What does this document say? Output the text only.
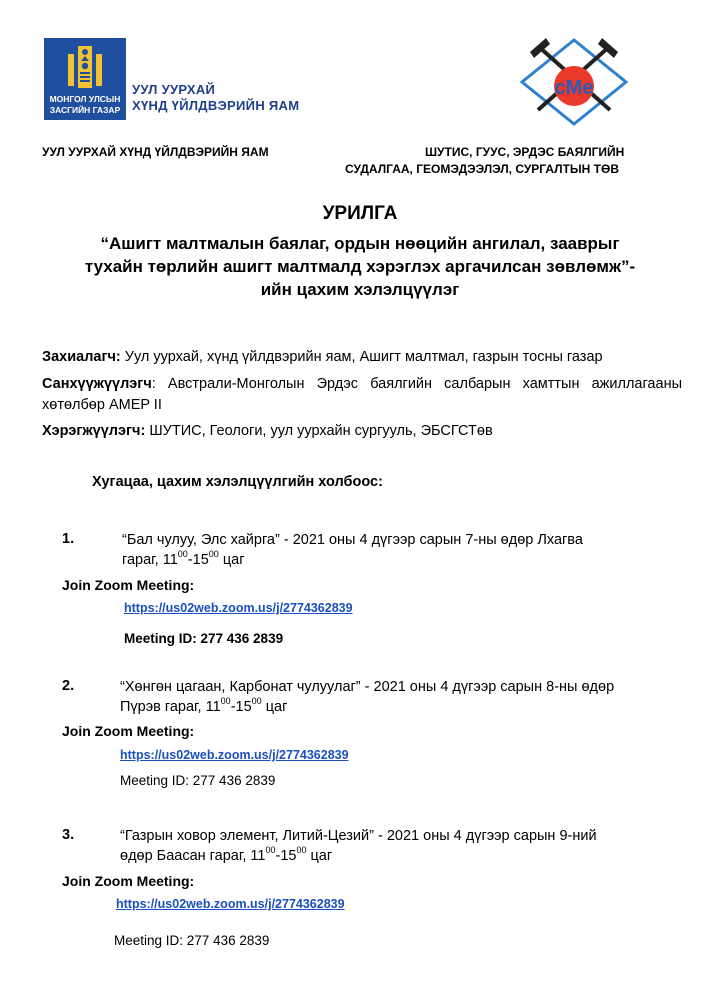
МОНГОЛ УЛСЫН
ЗАСГИЙН ГАЗАР
УУЛ УУРХАЙ
ХҮНД ҮЙЛДВЭРИЙН ЯАМ
cMe
УУЛ УУРХАЙ ХҮНД ҮЙЛДВЭРИЙН ЯАМ	ШУТИС, ГУУС, ЭРДЭС БАЯЛГИЙН
СУДАЛГАА, ГЕОМЭДЭЭЛЭЛ, СУРГАЛТЫН ТӨВ
УРИЛГА
“Ашигт малтмалын баялаг, ордын нөөцийн ангилал, зааврыг
тухайн төрлийн ашигт малтмалд хэрэглэх аргачилсан зөвлөмж”-
ийн цахим хэлэлцүүлэг
Захиалагч: Уул уурхай, хүнд үйлдвэрийн яам, Ашигт малтмал, газрын тосны газар
Санхүүжүүлэгч: Австрали-Монголын Эрдэс баялгийн салбарын хамттын ажиллагааны хөтөлбөр AMEP II
Хэрэгжүүлэгч: ШУТИС, Геологи, уул уурхайн сургууль, ЭБСГСТөв
Хугацаа, цахим хэлэлцүүлгийн холбоос:
1.	“Бал чулуу, Элс хайрга” - 2021 оны 4 дүгээр сарын 7-ны өдөр Лхагва
гараг, $11^{00}-15^{00}$ цаг
Join Zoom Meeting:
https://us02web.zoom.us/j/2774362839
Meeting ID: 277 436 2839
2.	“Хөнгөн цагаан, Карбонат чулуулаг” - 2021 оны 4 дүгээр сарын 8-ны өдөр
Пүрэв гараг, $11^{00}-15^{00}$ цаг
Join Zoom Meeting:
https://us02web.zoom.us/j/2774362839
Meeting ID: 277 436 2839
3.	“Газрын ховор элемент, Литий-Цезий” - 2021 оны 4 дүгээр сарын 9-ний
өдөр Баасан гараг, $11^{00}-15^{00}$ цаг
Join Zoom Meeting:
https://us02web.zoom.us/j/2774362839
Meeting ID: 277 436 2839
